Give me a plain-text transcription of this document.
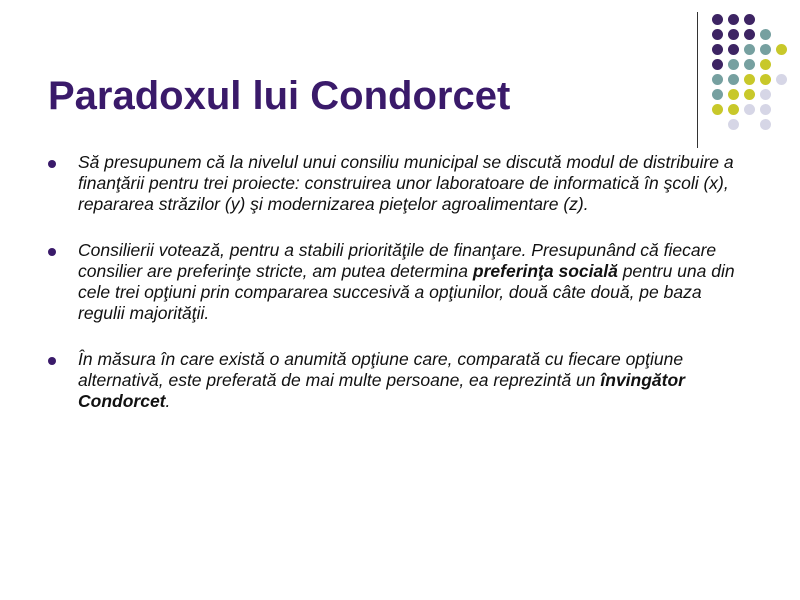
Paradoxul lui Condorcet
Să presupunem că la nivelul unui consiliu municipal se discută modul de distribuire a finanţării pentru trei proiecte: construirea unor laboratoare de informatică în şcoli (x), repararea străzilor (y) şi modernizarea pieţelor agroalimentare (z).
Consilierii votează, pentru a stabili priorităţile de finanţare. Presupunând că fiecare consilier are preferinţe stricte, am putea determina preferinţa socială pentru una din cele trei opţiuni prin compararea succesivă a opţiunilor, două câte două, pe baza regulii majorităţii.
În măsura în care există o anumită opţiune care, comparată cu fiecare opţiune alternativă, este preferată de mai multe persoane, ea reprezintă un învingător Condorcet.
